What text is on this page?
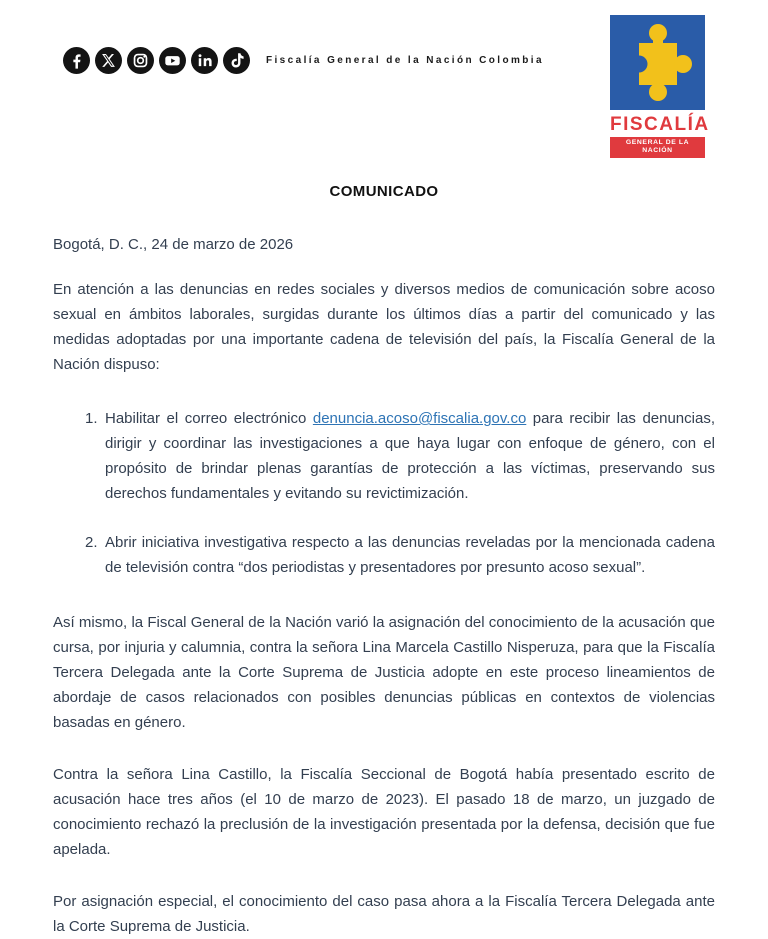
Fiscalía General de la Nación Colombia
FISCALÍA
GENERAL DE LA NACIÓN
COMUNICADO
Bogotá, D. C., 24 de marzo de 2026
En atención a las denuncias en redes sociales y diversos medios de comunicación sobre acoso sexual en ámbitos laborales, surgidas durante los últimos días a partir del comunicado y las medidas adoptadas por una importante cadena de televisión del país, la Fiscalía General de la Nación dispuso:
1. Habilitar el correo electrónico denuncia.acoso@fiscalia.gov.co para recibir las denuncias, dirigir y coordinar las investigaciones a que haya lugar con enfoque de género, con el propósito de brindar plenas garantías de protección a las víctimas, preservando sus derechos fundamentales y evitando su revictimización.
2. Abrir iniciativa investigativa respecto a las denuncias reveladas por la mencionada cadena de televisión contra “dos periodistas y presentadores por presunto acoso sexual”.
Así mismo, la Fiscal General de la Nación varió la asignación del conocimiento de la acusación que cursa, por injuria y calumnia, contra la señora Lina Marcela Castillo Nisperuza, para que la Fiscalía Tercera Delegada ante la Corte Suprema de Justicia adopte en este proceso lineamientos de abordaje de casos relacionados con posibles denuncias públicas en contextos de violencias basadas en género.
Contra la señora Lina Castillo, la Fiscalía Seccional de Bogotá había presentado escrito de acusación hace tres años (el 10 de marzo de 2023). El pasado 18 de marzo, un juzgado de conocimiento rechazó la preclusión de la investigación presentada por la defensa, decisión que fue apelada.
Por asignación especial, el conocimiento del caso pasa ahora a la Fiscalía Tercera Delegada ante la Corte Suprema de Justicia.
